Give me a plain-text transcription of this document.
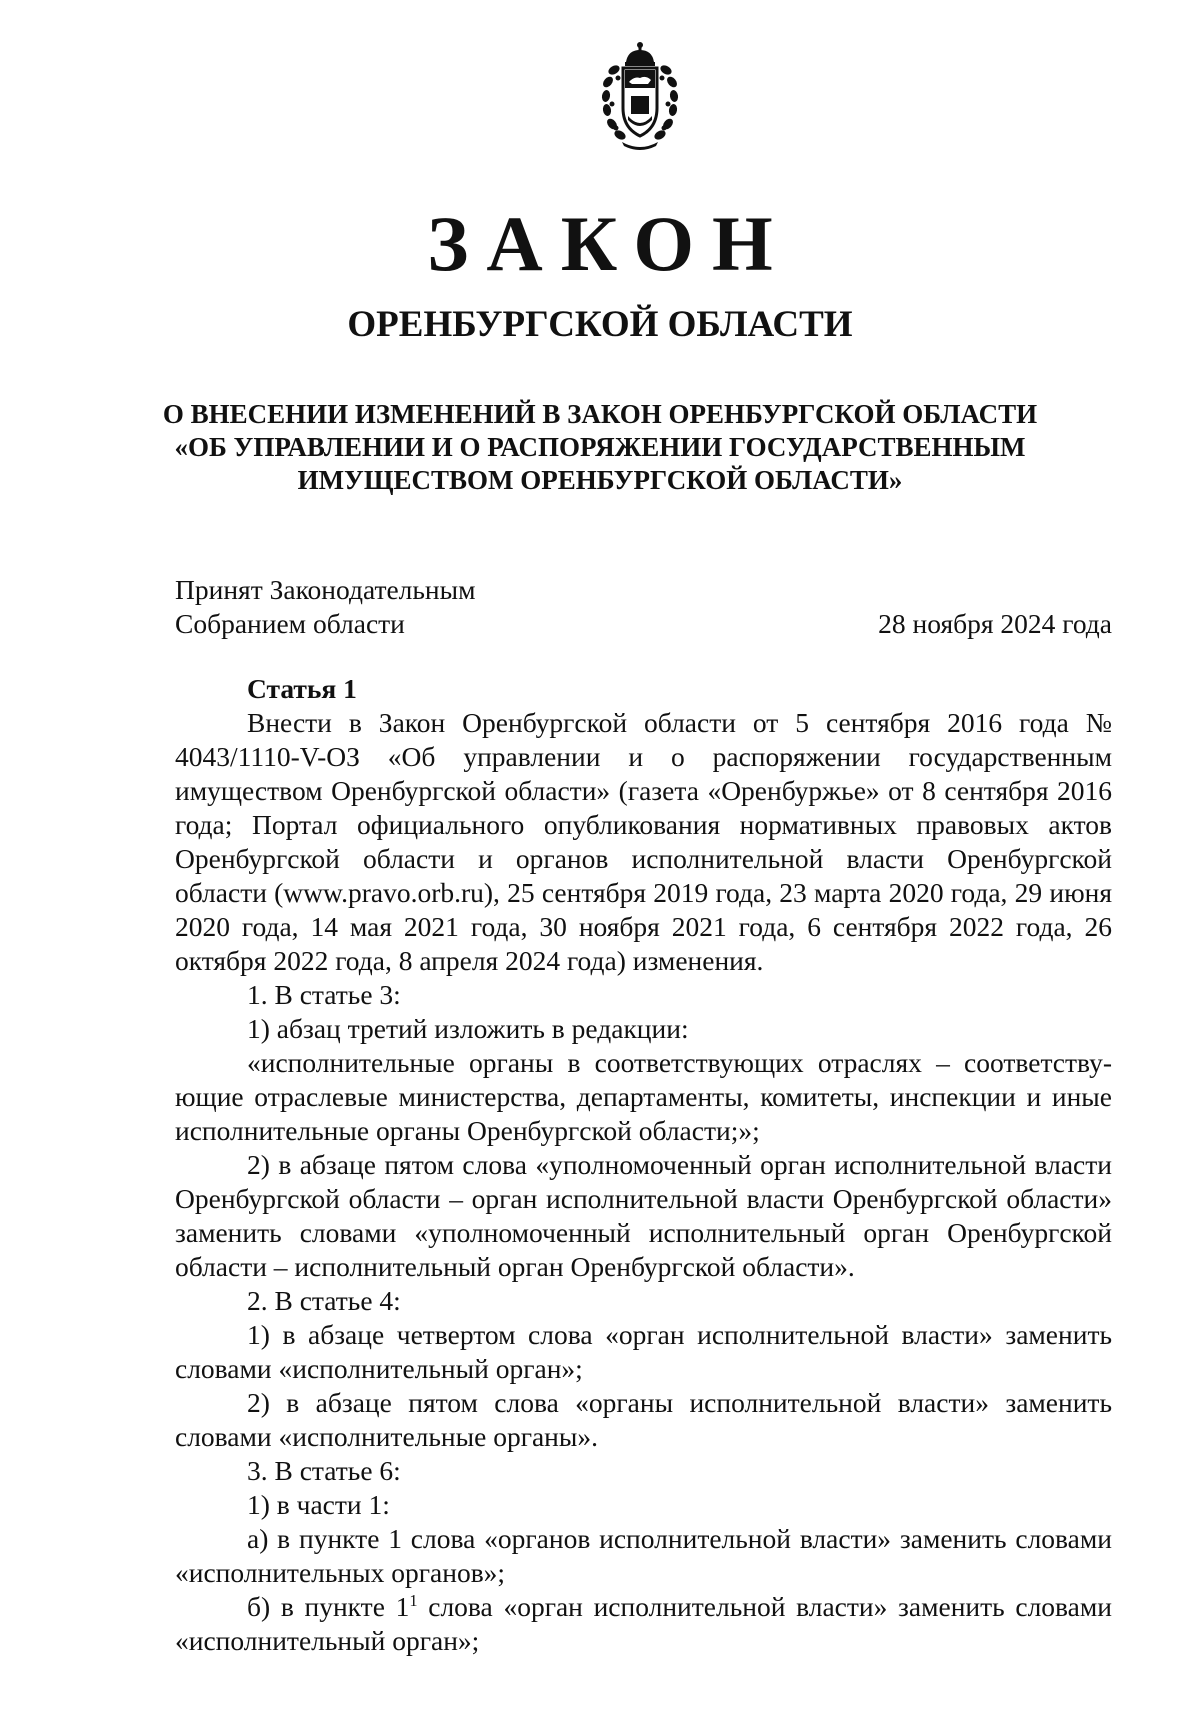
ЗАКОН
ОРЕНБУРГСКОЙ ОБЛАСТИ
О ВНЕСЕНИИ ИЗМЕНЕНИЙ В ЗАКОН ОРЕНБУРГСКОЙ ОБЛАСТИ
«ОБ УПРАВЛЕНИИ И О РАСПОРЯЖЕНИИ ГОСУДАРСТВЕННЫМ
ИМУЩЕСТВОМ ОРЕНБУРГСКОЙ ОБЛАСТИ»
Принят Законодательным
Собранием области	28 ноября 2024 года
Статья 1

Внести в Закон Оренбургской области от 5 сентября 2016 года № 4043/1110-V-ОЗ «Об управлении и о распоряжении государственным имуществом Оренбургской области» (газета «Оренбуржье» от 8 сентября 2016 года; Портал официального опубликования нормативных правовых актов Оренбургской области и органов исполнительной власти Оренбургской области (www.pravo.orb.ru), 25 сентября 2019 года, 23 марта 2020 года, 29 июня 2020 года, 14 мая 2021 года, 30 ноября 2021 года, 6 сентября 2022 года, 26 октября 2022 года, 8 апреля 2024 года) изменения.

1. В статье 3:

1) абзац третий изложить в редакции:

«исполнительные органы в соответствующих отраслях – соответствующие отраслевые министерства, департаменты, комитеты, инспекции и иные исполнительные органы Оренбургской области;»;

2) в абзаце пятом слова «уполномоченный орган исполнительной власти Оренбургской области – орган исполнительной власти Оренбургской области» заменить словами «уполномоченный исполнительный орган Оренбургской области – исполнительный орган Оренбургской области».

2. В статье 4:

1) в абзаце четвертом слова «орган исполнительной власти» заменить словами «исполнительный орган»;

2) в абзаце пятом слова «органы исполнительной власти» заменить словами «исполнительные органы».

3. В статье 6:

1) в части 1:

а) в пункте 1 слова «органов исполнительной власти» заменить словами «исполнительных органов»;

б) в пункте $1^1$ слова «орган исполнительной власти» заменить словами «исполнительный орган»;
